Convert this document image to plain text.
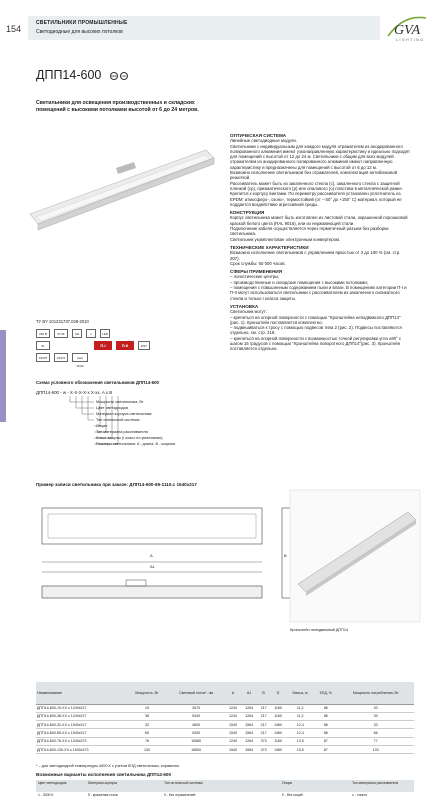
154
СВЕТИЛЬНИКИ ПРОМЫШЛЕННЫЕ
Светодиодные для высоких потолков	GVA
LIGHTING
ДПП14-600	NEW	LED
Светильники для освещения производственных и складских помещений с высокими потолками высотой от 6 до 24 метров.
ОПТИЧЕСКАЯ СИСТЕМА

Линейные светодиодные модули.

Светильники с индивидуальным для каждого модуля отражателем из анодированного полированного алюминия имеют узконаправленную характеристику и идеально подходят для помещений с высотой от 12 до 24 м. Светильники с общим для всех модулей отражателем из анодированного полированного алюминия имеют направленную характеристику и предназначены для помещений с высотой от 6 до 12 м.

Возможно исполнение светильников без отражателей, комплектация антибликовой решеткой.

Рассеиватель может быть из закаленного стекла (с), закаленного стекла с защитной пленкой (ср), призматического (р) или опалового (о) пластика в металлической рамке. Крепится к корпусу винтами. По периметру рассеивателя установлен уплотнитель из EPDM: атмосферо-, озоно-, термостойкий (от – 50° до +150° С) материал, который не поддается воздействию агрессивной среды.

КОНСТРУКЦИЯ

Корпус светильника может быть изготовлен из листовой стали, окрашенной порошковой краской белого цвета (RAL 9016), или из нержавеющей стали.

Подключение кабеля осуществляется через герметичный разъем без разборки светильника.

Светильник укомплектован электронным конвертером.

ТЕХНИЧЕСКИЕ ХАРАКТЕРИСТИКИ

Возможно исполнение светильников с управлением яркостью от 3 до 100 % (см. стр. 207).

Срок службы: 60 000 часов.

СФЕРЫ ПРИМЕНЕНИЯ

– логистические центры;

– производственные и складские помещения с высокими потолками;

– помещения с повышенным содержанием пыли и влаги. В помещениях категории П-I и П-II могут использоваться светильники с рассеивателем из закаленного силикатного стекла и только I класса защиты.

УСТАНОВКА

Светильник могут:

– крепиться на опорной поверхности с помощью "Кронштейна неподвижного ДПП14"(рис. 1). Кронштейн поставляется комплектно;

– подвешиваться к тросу с помощью подвесов типа 2 (рис. 2). Подвесы поставляются отдельно, см. стр. 219;

– крепиться на опорной поверхности с возможностью точной регулировки угла ±90° с шагом 15 градусов с помощью "Кронштейна поворотного ДПП14"(рис. 3). Кронштейн поставляется отдельно.

ТУ BY 101231737.028-2010
220 В	IP 66	CE	□	LED
IK	П-I	П-II	EST
10475	10472	скат ±0,92
Схема условного обозначения светильников ДПП14-600
ДПП14-600 - w - X-X-X-X-x X-xx. A х В
Мощность светильника, Вт
Цвет светодиодов
Материал корпуса светильника
Тип оптической системы
Опции
Тип материала рассеивателя
Класс защиты (I класс по умолчанию)
Размеры светильника: A - длина, B - ширина
Пример записи светильника при заказе: ДПП14-600-65-1110.с 1540х217
A
A1
B
Кронштейн неподвижный ДПП14
Наименование	Мощность, Вт	Световой поток*, лм	A	A1	B	D	Масса, кг	КПД, %	Мощность потребления, Вт
ДПП14-600-19-XX.с 1240х217	19	2670	1240	1264	217	1160	11,2	86	20
ДПП14-600-38-XX.с 1240х217	38	5340	1240	1264	217	1160	11,2	86	39
ДПП14-600-32-XX.с 1540х217	32	4600	1540	1564	217	1460	12,4	86	33
ДПП14-600-65-XX.с 1540х217	65	9250	1540	1564	217	1460	12,4	86	66
ДПП14-600-76-XX.с 1240х373	76	10680	1240	1264	373	1160	13,5	87	77
ДПП14-600-130-XX.с 1540х373	130	18500	1540	1564	373	1460	15,5	87	133
* – для светодиодной температуры 4000 К с учетом КПД светильника, справочно
Возможные варианты исполнения светильника ДПП14-600
Цвет светодиодов	Материал корпуса	Тип оптической системы	Опции	Тип материала рассеивателя
1 - 3000 К	5 - крашеная сталь	0 - без отражателей	0 - без опций	с - стекло
